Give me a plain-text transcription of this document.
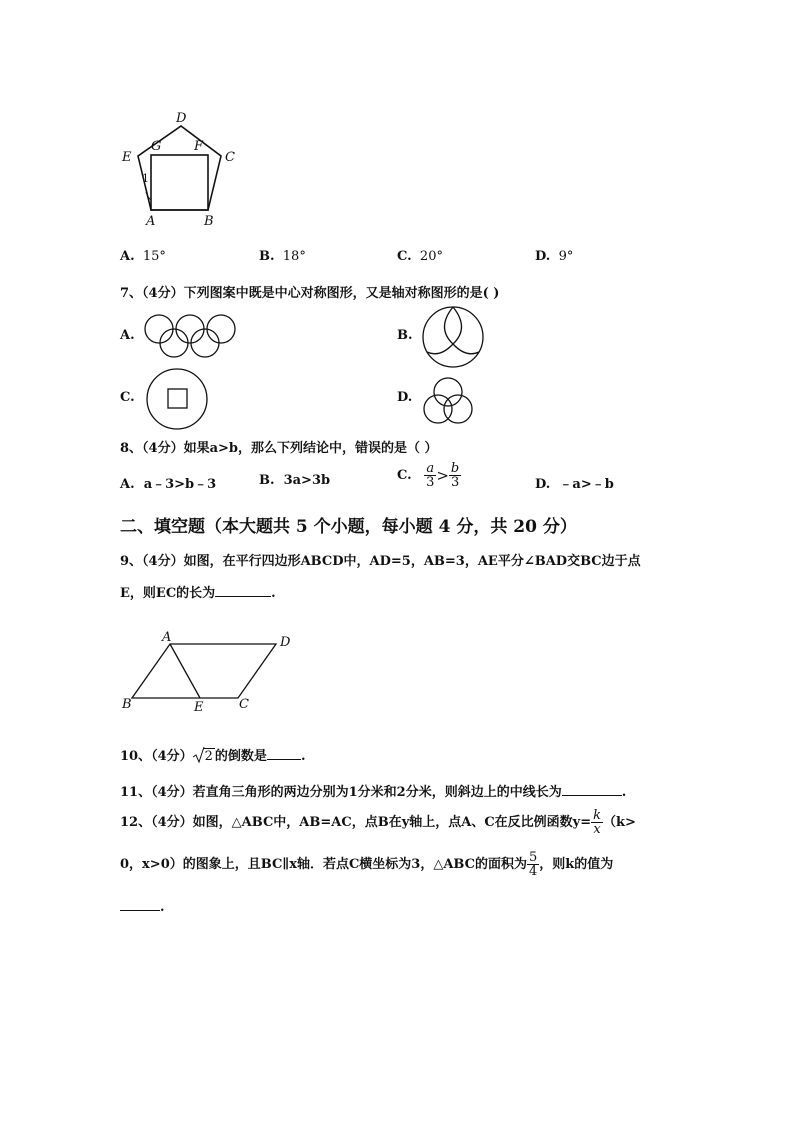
D
E
G	F
C
A	B
1
A. 15°	B. 18°	C. 20°	D. 9°
7、（4分）下列图案中既是中心对称图形，又是轴对称图形的是( )
A.	B.
C.	D.
8、（4分）如果a>b，那么下列结论中，错误的是（ ）
A. a﹣3>b﹣3	B. 3a>3b	C. $\frac{a}{3} > \frac{b}{3}$	D. ﹣a>﹣b
二、填空题（本大题共 5 个小题，每小题 4 分，共 20 分）
9、（4分）如图，在平行四边形ABCD中，AD=5，AB=3，AE平分∠BAD交BC边于点
E，则EC的长为	.
A	D
B	E	C
10、（4分） 2 的倒数是	.
11、（4分）若直角三角形的两边分别为1分米和2分米，则斜边上的中线长为	.
12、（4分）如图，△ABC中，AB=AC，点B在y轴上，点A、C在反比例函数$y= \frac{k}{x} (k>$
0，x>0）的图象上，且BC∥x轴．若点C横坐标为3，△ABC的面积为 $\frac{5}{4}$ ，则k的值为
.
